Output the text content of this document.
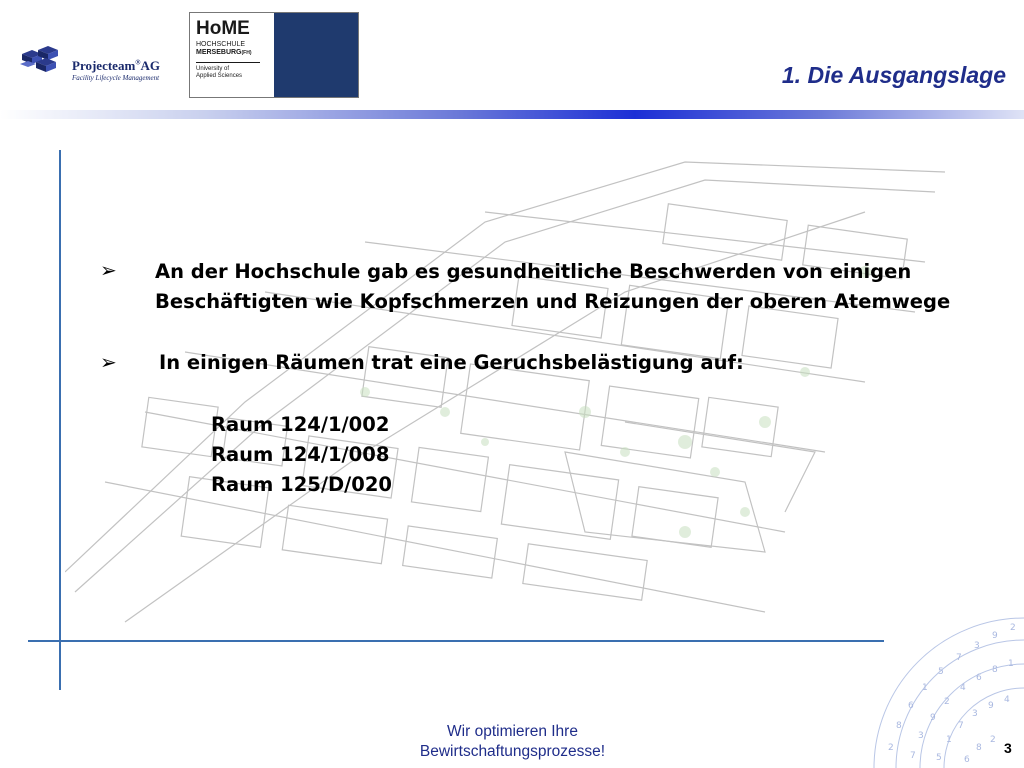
Projecteam®AG
Facility Lifecycle Management
HoME
HOCHSCHULE
MERSEBURG(FH)
University of
Applied Sciences	1. Die Ausgangslage
➢ An der Hochschule gab es gesundheitliche Beschwerden von einigen
Beschäftigten wie Kopfschmerzen und Reizungen der oberen Atemwege
➢ In einigen Räumen trat eine Geruchsbelästigung auf:
Raum 124/1/002
Raum 124/1/008
Raum 125/D/020
2
8
6
1
5
7
3
9
2
7
3
9
2
4
6
8
1
5
1
7
3
9
4
6
8
2
Wir optimieren Ihre
Bewirtschaftungsprozesse!	3
